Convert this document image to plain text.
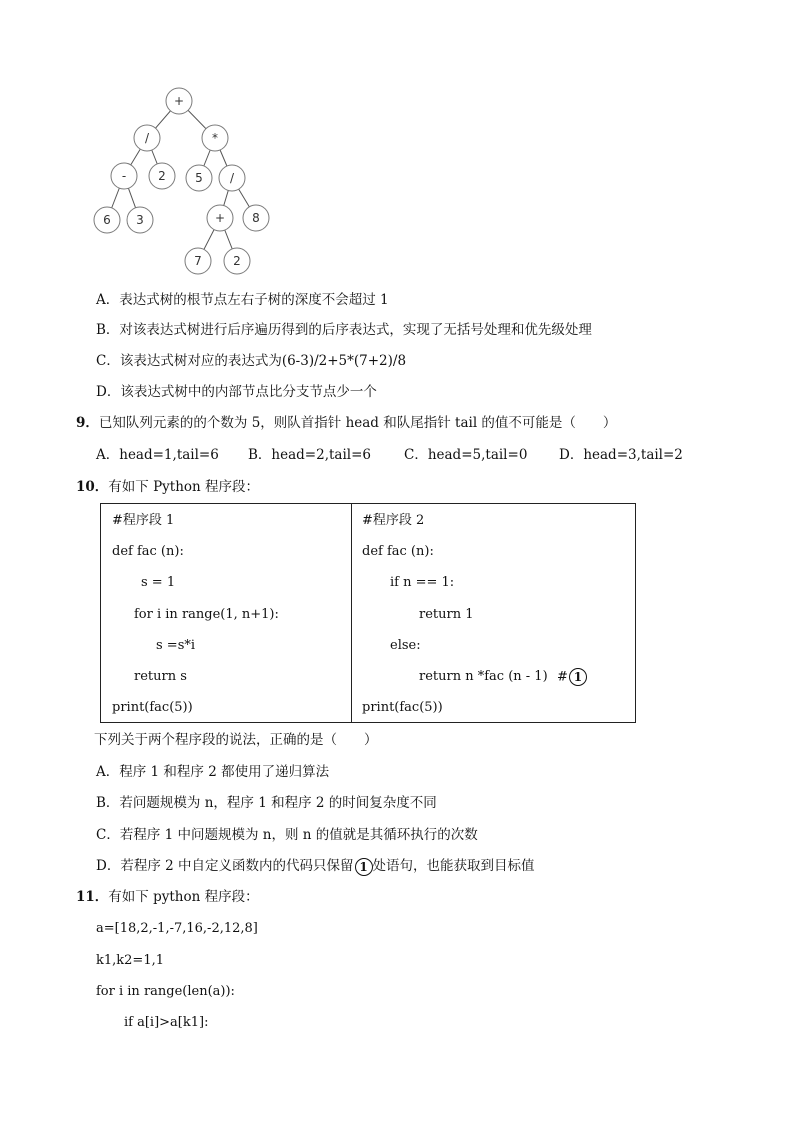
+
/	*
-	2 5 /
6 3	+ 8
7	2
A．表达式树的根节点左右子树的深度不会超过 1
B．对该表达式树进行后序遍历得到的后序表达式，实现了无括号处理和优先级处理
C．该表达式树对应的表达式为(6-3)/2+5*(7+2)/8
D．该表达式树中的内部节点比分支节点少一个
9．已知队列元素的的个数为 5，则队首指针 head 和队尾指针 tail 的值不可能是（　　）
A．head=1,tail=6 B．head=2,tail=6 C．head=5,tail=0 D．head=3,tail=2
10．有如下 Python 程序段：
#程序段 1
def fac (n):
s = 1
for i in range(1, n+1):
s =s*i
return s
print(fac(5))
#程序段 2
def fac (n):
if n == 1:
return 1
else:
return n *fac (n - 1) # 1
print(fac(5))
下列关于两个程序段的说法，正确的是（　　）
A．程序 1 和程序 2 都使用了递归算法
B．若问题规模为 n，程序 1 和程序 2 的时间复杂度不同
C．若程序 1 中问题规模为 n，则 n 的值就是其循环执行的次数
D．若程序 2 中自定义函数内的代码只保留 1 处语句，也能获取到目标值
11．有如下 python 程序段：
a=[18,2,-1,-7,16,-2,12,8]
k1,k2=1,1
for i in range(len(a)):
if a[i]>a[k1]:
